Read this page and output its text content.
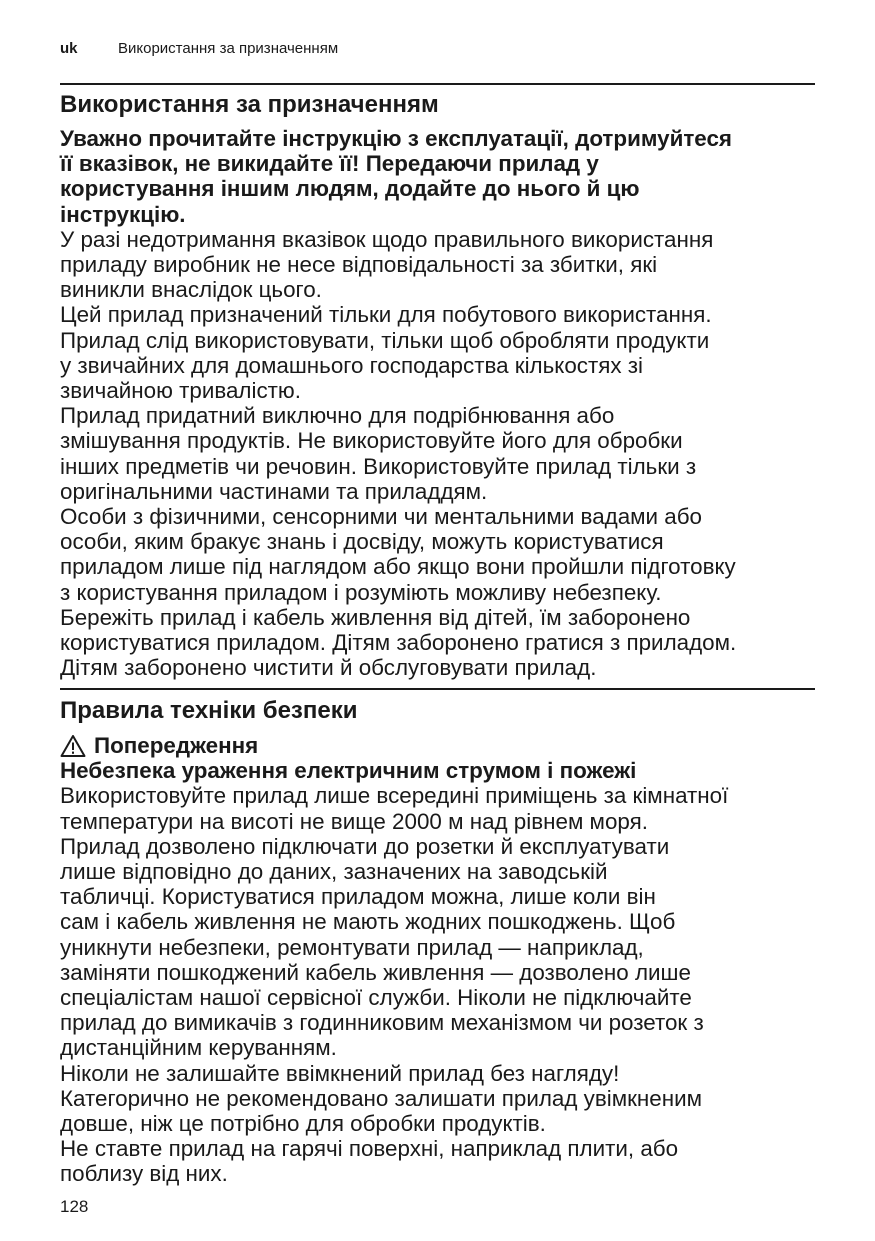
uk	Використання за призначенням
Використання за призначенням
Уважно прочитайте інструкцію з експлуатації, дотримуйтеся
її вказівок, не викидайте її! Передаючи прилад у
користування іншим людям, додайте до нього й цю
інструкцію.
У разі недотримання вказівок щодо правильного використання
приладу виробник не несе відповідальності за збитки, які
виникли внаслідок цього.
Цей прилад призначений тільки для побутового використання.
Прилад слід використовувати, тільки щоб обробляти продукти
у звичайних для домашнього господарства кількостях зі
звичайною тривалістю.
Прилад придатний виключно для подрібнювання або
змішування продуктів. Не використовуйте його для обробки
інших предметів чи речовин. Використовуйте прилад тільки з
оригінальними частинами та приладдям.
Особи з фізичними, сенсорними чи ментальними вадами або
особи, яким бракує знань і досвіду, можуть користуватися
приладом лише під наглядом або якщо вони пройшли підготовку
з користування приладом і розуміють можливу небезпеку.
Бережіть прилад і кабель живлення від дітей, їм заборонено
користуватися приладом. Дітям заборонено гратися з приладом.
Дітям заборонено чистити й обслуговувати прилад.
Правила техніки безпеки
Попередження
Небезпека ураження електричним струмом і пожежі
Використовуйте прилад лише всередині приміщень за кімнатної
температури на висоті не вище 2000 м над рівнем моря.
Прилад дозволено підключати до розетки й експлуатувати
лише відповідно до даних, зазначених на заводській
табличці. Користуватися приладом можна, лише коли він
сам і кабель живлення не мають жодних пошкоджень. Щоб
уникнути небезпеки, ремонтувати прилад — наприклад,
заміняти пошкоджений кабель живлення — дозволено лише
спеціалістам нашої сервісної служби. Ніколи не підключайте
прилад до вимикачів з годинниковим механізмом чи розеток з
дистанційним керуванням.
Ніколи не залишайте ввімкнений прилад без нагляду!
Категорично не рекомендовано залишати прилад увімкненим
довше, ніж це потрібно для обробки продуктів.
Не ставте прилад на гарячі поверхні, наприклад плити, або
поблизу від них.
128
